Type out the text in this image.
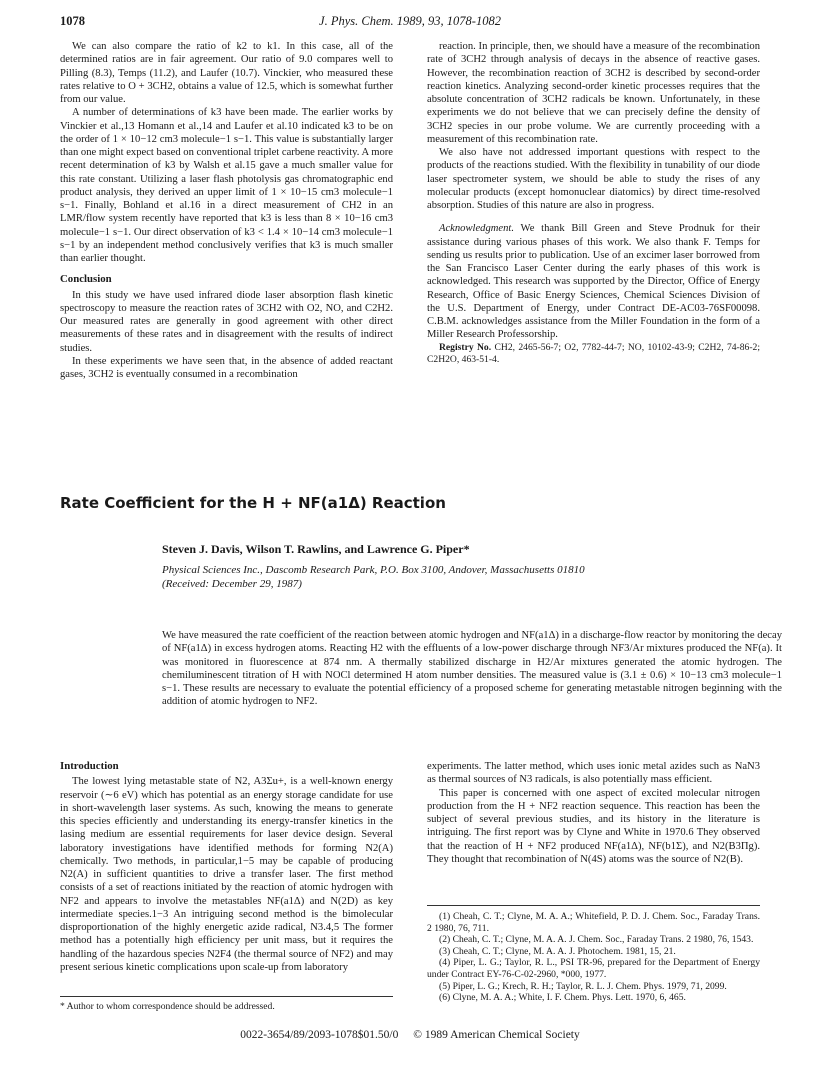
1078	J. Phys. Chem. 1989, 93, 1078-1082

We can also compare the ratio of k2 to k1. In this case, all of the determined ratios are in fair agreement. Our ratio of 9.0 compares well to Pilling (8.3), Temps (11.2), and Laufer (10.7). Vinckier, who measured these rates relative to O + 3CH2, obtains a value of 12.5, which is somewhat further from our value.

A number of determinations of k3 have been made. The earlier works by Vinckier et al.,13 Homann et al.,14 and Laufer et al.10 indicated k3 to be on the order of 1 × 10−12 cm3 molecule−1 s−1. This value is substantially larger than one might expect based on conventional triplet carbene reactivity. A more recent determination of k3 by Walsh et al.15 gave a much smaller value for this rate constant. Utilizing a laser flash photolysis gas chromatographic end product analysis, they derived an upper limit of 1 × 10−15 cm3 molecule−1 s−1. Finally, Bohland et al.16 in a direct measurement of CH2 in an LMR/flow system recently have reported that k3 is less than 8 × 10−16 cm3 molecule−1 s−1. Our direct observation of k3 < 1.4 × 10−14 cm3 molecule−1 s−1 by an independent method conclusively verifies that k3 is much smaller than earlier thought.

Conclusion

In this study we have used infrared diode laser absorption flash kinetic spectroscopy to measure the reaction rates of 3CH2 with O2, NO, and C2H2. Our measured rates are generally in good agreement with other direct measurements of these rates and in disagreement with the results of indirect studies.

In these experiments we have seen that, in the absence of added reactant gases, 3CH2 is eventually consumed in a recombination

reaction. In principle, then, we should have a measure of the recombination rate of 3CH2 through analysis of decays in the absence of reactive gases. However, the recombination reaction of 3CH2 is described by second-order reaction kinetics. Analyzing second-order kinetic processes requires that the absolute concentration of 3CH2 radicals be known. Unfortunately, in these experiments we do not believe that we can precisely define the density of 3CH2 species in our probe volume. We are currently proceeding with a measurement of this recombination rate.

We also have not addressed important questions with respect to the products of the reactions studied. With the flexibility in tunability of our diode laser spectrometer system, we should be able to study the rises of any molecular products (except homonuclear diatomics) by direct time-resolved absorption. Studies of this nature are also in progress.

Acknowledgment. We thank Bill Green and Steve Prodnuk for their assistance during various phases of this work. We also thank F. Temps for sending us results prior to publication. Use of an excimer laser borrowed from the San Francisco Laser Center during the early phases of this work is acknowledged. This research was supported by the Director, Office of Energy Research, Office of Basic Energy Sciences, Chemical Sciences Division of the U.S. Department of Energy, under Contract DE-AC03-76SF00098. C.B.M. acknowledges assistance from the Miller Foundation in the form of a Miller Research Professorship.

Registry No. CH2, 2465-56-7; O2, 7782-44-7; NO, 10102-43-9; C2H2, 74-86-2; C2H2O, 463-51-4.

Rate Coefficient for the H + NF(a1Δ) Reaction
Steven J. Davis, Wilson T. Rawlins, and Lawrence G. Piper*
Physical Sciences Inc., Dascomb Research Park, P.O. Box 3100, Andover, Massachusetts 01810
(Received: December 29, 1987)
We have measured the rate coefficient of the reaction between atomic hydrogen and NF(a1Δ) in a discharge-flow reactor by monitoring the decay of NF(a1Δ) in excess hydrogen atoms. Reacting H2 with the effluents of a low-power discharge through NF3/Ar mixtures produced the NF(a). It was monitored in fluorescence at 874 nm. A thermally stabilized discharge in H2/Ar mixtures generated the atomic hydrogen. The chemiluminescent titration of H with NOCl determined H atom number densities. The measured value is (3.1 ± 0.6) × 10−13 cm3 molecule−1 s−1. These results are necessary to evaluate the potential efficiency of a proposed scheme for generating metastable nitrogen beginning with the addition of atomic hydrogen to NF2.
Introduction

The lowest lying metastable state of N2, A3Σu+, is a well-known energy reservoir (∼6 eV) which has potential as an energy storage candidate for use in short-wavelength laser systems. As such, knowing the means to generate this species efficiently and understanding its energy-transfer kinetics in the lasing medium are essential requirements for laser device design. Several laboratory investigations have identified methods for forming N2(A) chemically. Two methods, in particular,1−5 may be capable of producing N2(A) in sufficient quantities to drive a transfer laser. The first method consists of a set of reactions initiated by the reaction of atomic hydrogen with NF2 and appears to involve the metastables NF(a1Δ) and N(2D) as key intermediate species.1−3 An intriguing second method is the bimolecular disproportionation of the highly energetic azide radical, N3.4,5 The former method has a potentially high efficiency per unit mass, but it requires the handling of the hazardous species N2F4 (the thermal source of NF2) and may present serious kinetic complications upon scale-up from laboratory

* Author to whom correspondence should be addressed.

experiments. The latter method, which uses ionic metal azides such as NaN3 as thermal sources of N3 radicals, is also potentially mass efficient.

This paper is concerned with one aspect of excited molecular nitrogen production from the H + NF2 reaction sequence. This reaction has been the subject of several previous studies, and its history in the literature is intriguing. The first report was by Clyne and White in 1970.6 They observed that the reaction of H + NF2 produced NF(a1Δ), NF(b1Σ), and N2(B3Πg). They thought that recombination of N(4S) atoms was the source of N2(B).

(1) Cheah, C. T.; Clyne, M. A. A.; Whitefield, P. D. J. Chem. Soc., Faraday Trans. 2 1980, 76, 711.

(2) Cheah, C. T.; Clyne, M. A. A. J. Chem. Soc., Faraday Trans. 2 1980, 76, 1543.

(3) Cheah, C. T.; Clyne, M. A. A. J. Photochem. 1981, 15, 21.

(4) Piper, L. G.; Taylor, R. L., PSI TR-96, prepared for the Department of Energy under Contract EY-76-C-02-2960, *000, 1977.

(5) Piper, L. G.; Krech, R. H.; Taylor, R. L. J. Chem. Phys. 1979, 71, 2099.

(6) Clyne, M. A. A.; White, I. F. Chem. Phys. Lett. 1970, 6, 465.

0022-3654/89/2093-1078$01.50/0 © 1989 American Chemical Society
